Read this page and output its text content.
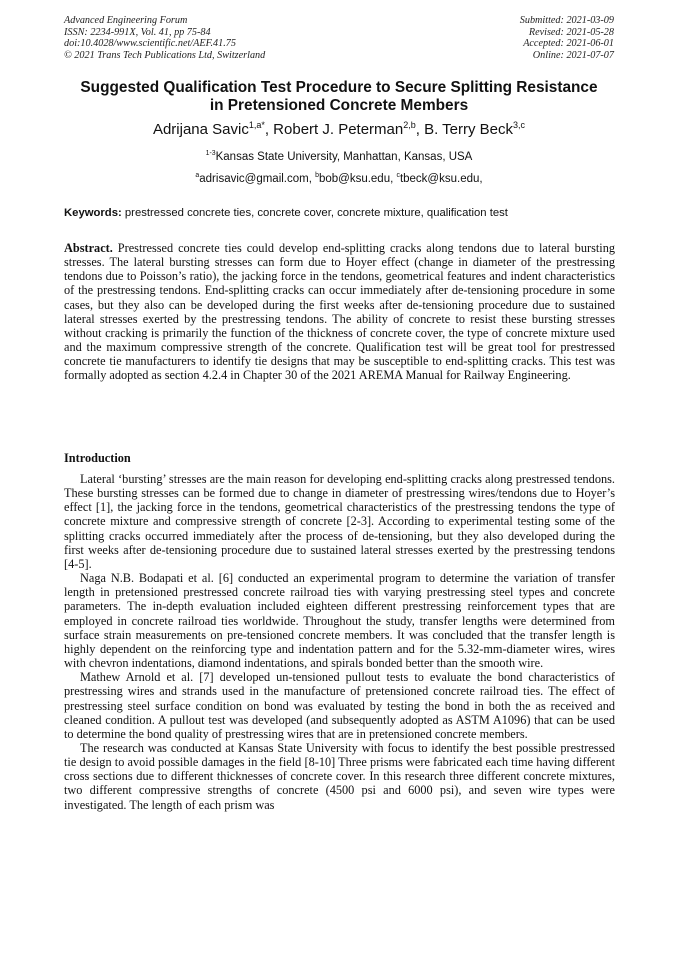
Advanced Engineering Forum
ISSN: 2234-991X, Vol. 41, pp 75-84
doi:10.4028/www.scientific.net/AEF.41.75
© 2021 Trans Tech Publications Ltd, Switzerland
Submitted: 2021-03-09
Revised: 2021-05-28
Accepted: 2021-06-01
Online: 2021-07-07
Suggested Qualification Test Procedure to Secure Splitting Resistance
in Pretensioned Concrete Members
Adrijana Savic$^{1,a*}$, Robert J. Peterman$^{2,b}$, B. Terry Beck$^{3,c}$
$^{1-3}$Kansas State University, Manhattan, Kansas, USA
$^a$adrisavic@gmail.com, $^b$bob@ksu.edu, $^c$tbeck@ksu.edu,
Keywords: prestressed concrete ties, concrete cover, concrete mixture, qualification test

Abstract. Prestressed concrete ties could develop end-splitting cracks along tendons due to lateral bursting stresses. The lateral bursting stresses can form due to Hoyer effect (change in diameter of the prestressing tendons due to Poisson’s ratio), the jacking force in the tendons, geometrical features and indent characteristics of the prestressing tendons. End-splitting cracks can occur immediately after de-tensioning procedure in some cases, but they also can be developed during the first weeks after de-tensioning procedure due to sustained lateral stresses exerted by the prestressing tendons. The ability of concrete to resist these bursting stresses without cracking is primarily the function of the thickness of concrete cover, the type of concrete mixture used and the maximum compressive strength of the concrete. Qualification test will be great tool for prestressed concrete tie manufacturers to identify tie designs that may be susceptible to end-splitting cracks. This test was formally adopted as section 4.2.4 in Chapter 30 of the 2021 AREMA Manual for Railway Engineering.

Introduction

Lateral ‘bursting’ stresses are the main reason for developing end-splitting cracks along prestressed tendons. These bursting stresses can be formed due to change in diameter of prestressing wires/tendons due to Hoyer’s effect [1], the jacking force in the tendons, geometrical characteristics of the prestressing tendons the type of concrete mixture and compressive strength of concrete [2-3]. According to experimental testing some of the splitting cracks occurred immediately after the process of de-tensioning, but they also developed during the first weeks after de-tensioning procedure due to sustained lateral stresses exerted by the prestressing tendons [4-5].

Naga N.B. Bodapati et al. [6] conducted an experimental program to determine the variation of transfer length in pretensioned prestressed concrete railroad ties with varying prestressing steel types and concrete parameters. The in-depth evaluation included eighteen different prestressing reinforcement types that are employed in concrete railroad ties worldwide. Throughout the study, transfer lengths were determined from surface strain measurements on pre-tensioned concrete members. It was concluded that the transfer length is highly dependent on the reinforcing type and indentation pattern and for the 5.32-mm-diameter wires, wires with chevron indentations, diamond indentations, and spirals bonded better than the smooth wire.

Mathew Arnold et al. [7] developed un-tensioned pullout tests to evaluate the bond characteristics of prestressing wires and strands used in the manufacture of pretensioned concrete railroad ties. The effect of prestressing steel surface condition on bond was evaluated by testing the bond in both the as received and cleaned condition. A pullout test was developed (and subsequently adopted as ASTM A1096) that can be used to determine the bond quality of prestressing wires that are in pretensioned concrete members.

The research was conducted at Kansas State University with focus to identify the best possible prestressed tie design to avoid possible damages in the field [8-10] Three prisms were fabricated each time having different cross sections due to different thicknesses of concrete cover. In this research three different concrete mixtures, two different compressive strengths of concrete (4500 psi and 6000 psi), and seven wire types were investigated. The length of each prism was
